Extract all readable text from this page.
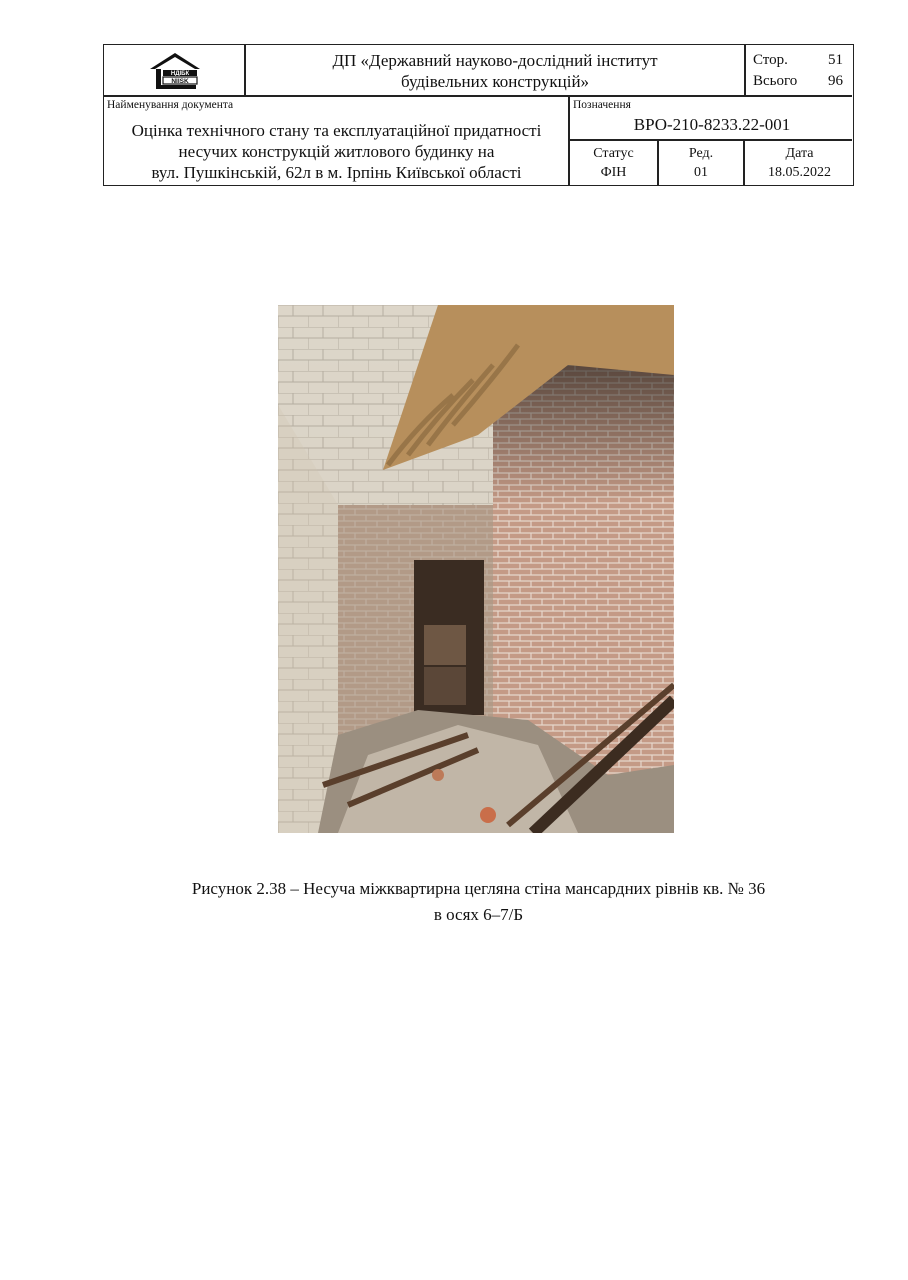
НДІБК
NIISK
ДП «Державний науково-дослідний інститут
будівельних конструкцій»
Стор.	51
Всього 96
Найменування документа
Оцінка технічного стану та експлуатаційної придатності
несучих конструкцій житлового будинку на
вул. Пушкінській, 62л в м. Ірпінь Київської області
Позначення
ВРО-210-8233.22-001
Статус
ФІН
Ред.
01
Дата
18.05.2022
Рисунок 2.38 – Несуча міжквартирна цегляна стіна мансардних рівнів кв. № 36
в осях 6–7/Б
